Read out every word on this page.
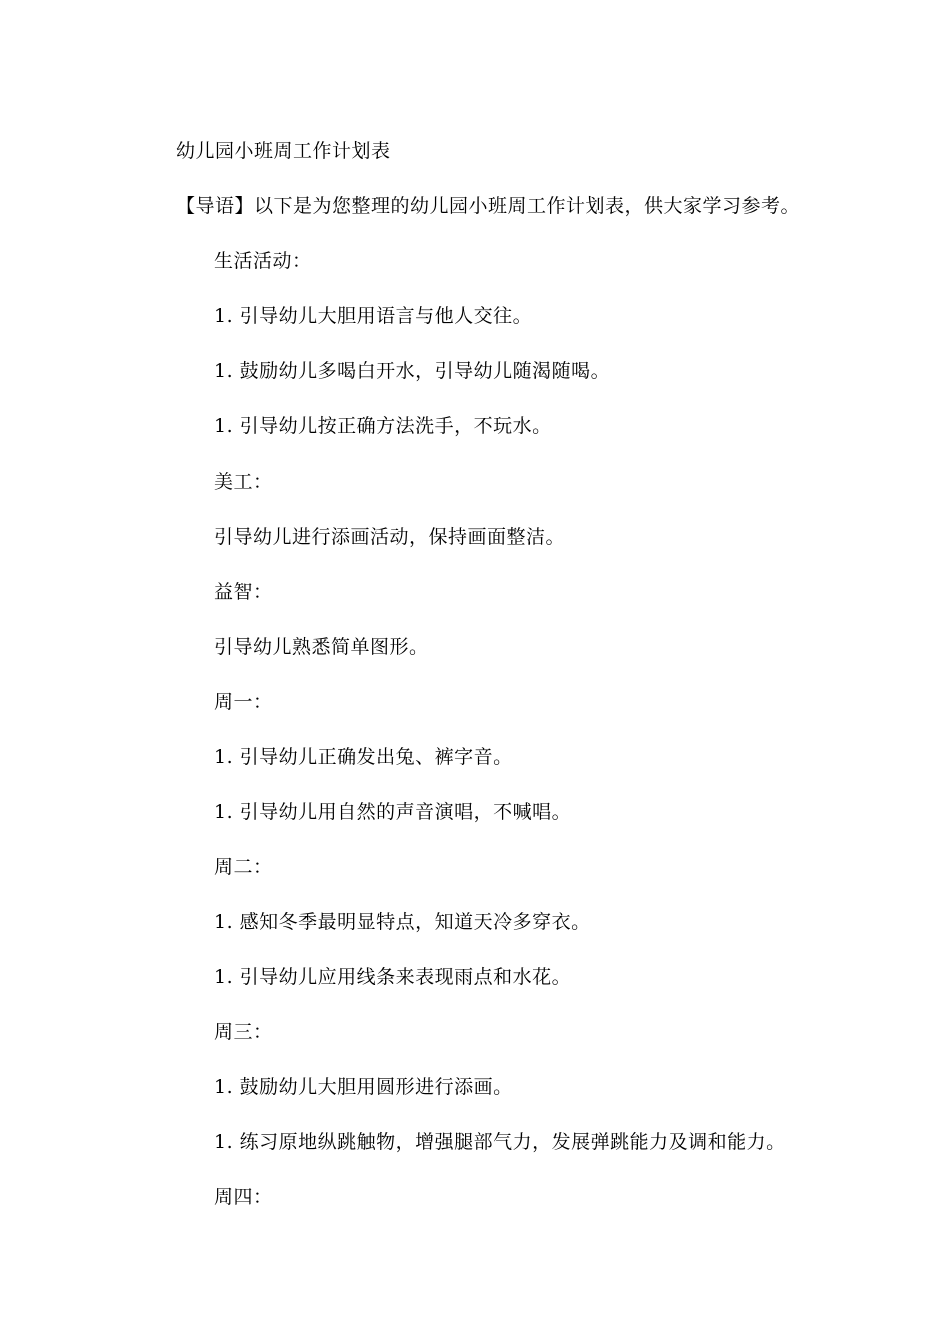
幼儿园小班周工作计划表
【导语】以下是为您整理的幼儿园小班周工作计划表，供大家学习参考。
生活活动：
1. 引导幼儿大胆用语言与他人交往。
1. 鼓励幼儿多喝白开水，引导幼儿随渴随喝。
1. 引导幼儿按正确方法洗手，不玩水。
美工：
引导幼儿进行添画活动，保持画面整洁。
益智：
引导幼儿熟悉简单图形。
周一：
1. 引导幼儿正确发出兔、裤字音。
1. 引导幼儿用自然的声音演唱，不喊唱。
周二：
1. 感知冬季最明显特点，知道天冷多穿衣。
1. 引导幼儿应用线条来表现雨点和水花。
周三：
1. 鼓励幼儿大胆用圆形进行添画。
1. 练习原地纵跳触物，增强腿部气力，发展弹跳能力及调和能力。
周四：
